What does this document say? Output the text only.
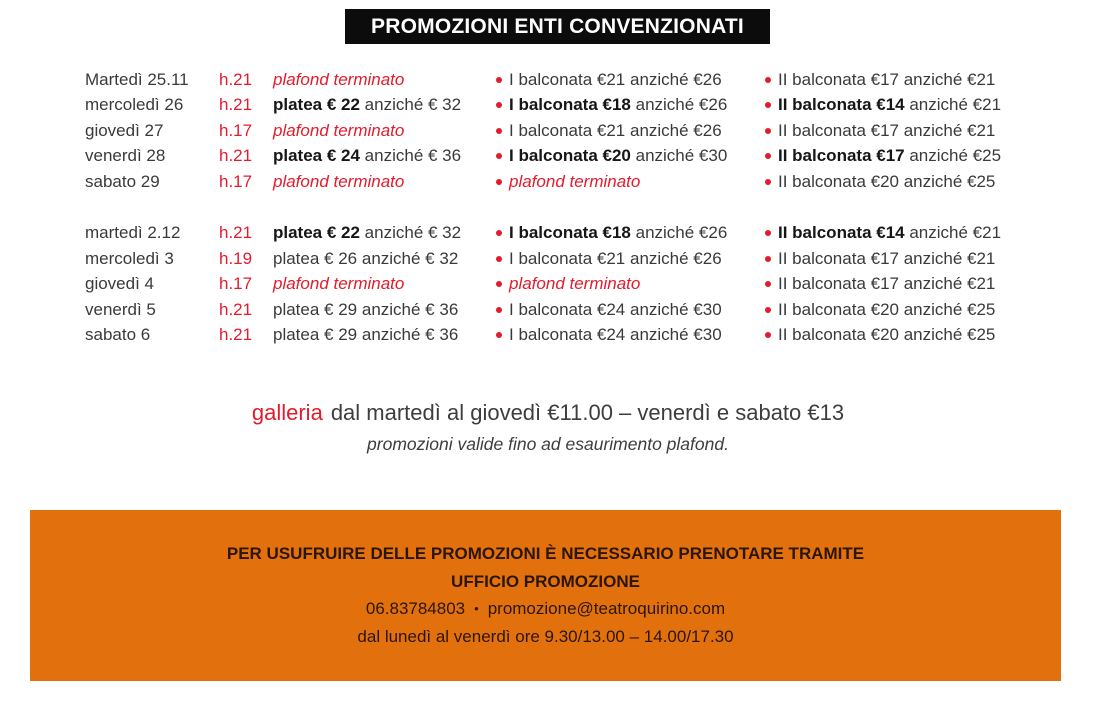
PROMOZIONI ENTI CONVENZIONATI
Martedì 25.11	h.21	plafond terminato	I balconata €21 anziché €26	II balconata €17 anziché €21
mercoledì 26	h.21	platea € 22 anziché € 32	I balconata €18 anziché €26	II balconata €14 anziché €21
giovedì 27	h.17	plafond terminato	I balconata €21 anziché €26	II balconata €17 anziché €21
venerdì 28	h.21	platea € 24 anziché € 36	I balconata €20 anziché €30	II balconata €17 anziché €25
sabato 29	h.17	plafond terminato	plafond terminato	II balconata €20 anziché €25
martedì 2.12	h.21	platea € 22 anziché € 32	I balconata €18 anziché €26	II balconata €14 anziché €21
mercoledì 3	h.19	platea € 26 anziché € 32	I balconata €21 anziché €26	II balconata €17 anziché €21
giovedì 4	h.17	plafond terminato	plafond terminato	II balconata €17 anziché €21
venerdì 5	h.21	platea € 29 anziché € 36	I balconata €24 anziché €30	II balconata €20 anziché €25
sabato 6	h.21	platea € 29 anziché € 36	I balconata €24 anziché €30	II balconata €20 anziché €25
galleria dal martedì al giovedì €11.00 – venerdì e sabato €13
promozioni valide fino ad esaurimento plafond.
PER USUFRUIRE DELLE PROMOZIONI È NECESSARIO PRENOTARE TRAMITE
UFFICIO PROMOZIONE
06.83784803 • promozione@teatroquirino.com
dal lunedì al venerdì ore 9.30/13.00 – 14.00/17.30
